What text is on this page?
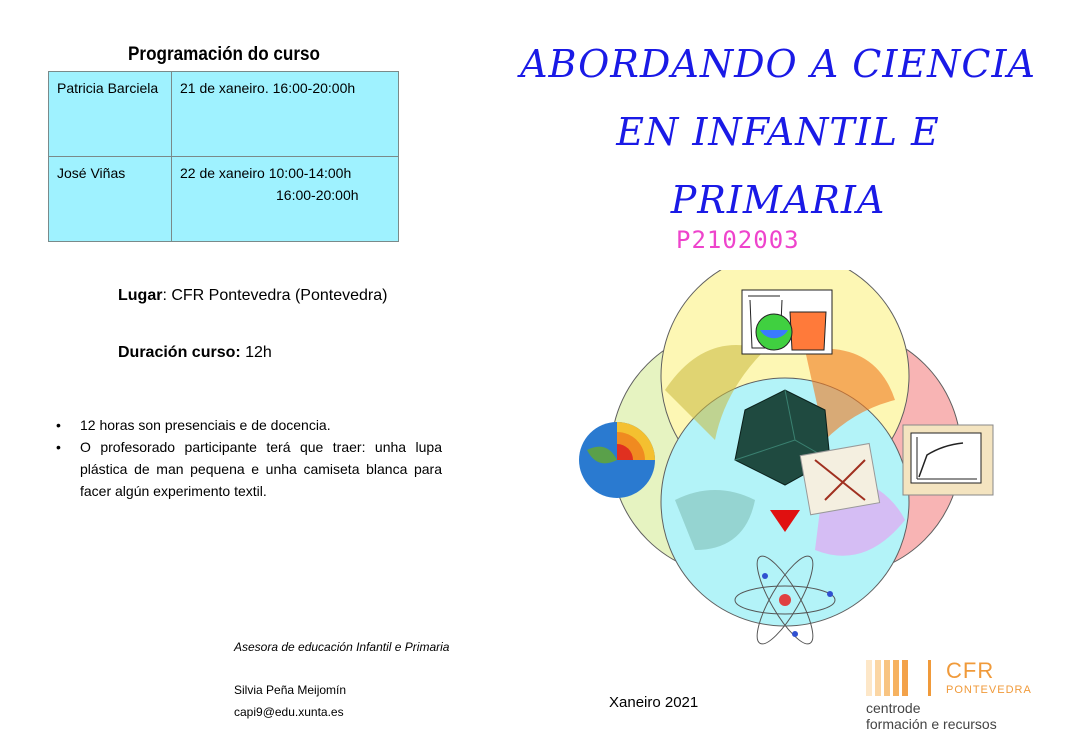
Programación do curso
Patricia Barciela	21 de xaneiro. 16:00-20:00h
José Viñas	22 de xaneiro 10:00-14:00h
16:00-20:00h
Lugar: CFR Pontevedra (Pontevedra)
Duración curso: 12h
• 12 horas son presenciais e de docencia.
• O profesorado participante terá que traer: unha lupa plástica de man pequena e unha camiseta blanca para facer algún experimento textil.
Asesora de educación Infantil e Primaria
Silvia Peña Meijomín
capi9@edu.xunta.es
ABORDANDO A CIENCIA
EN INFANTIL E
PRIMARIA
P2102003
Xaneiro 2021
CFR
PONTEVEDRA
centrode
formación e recursos
